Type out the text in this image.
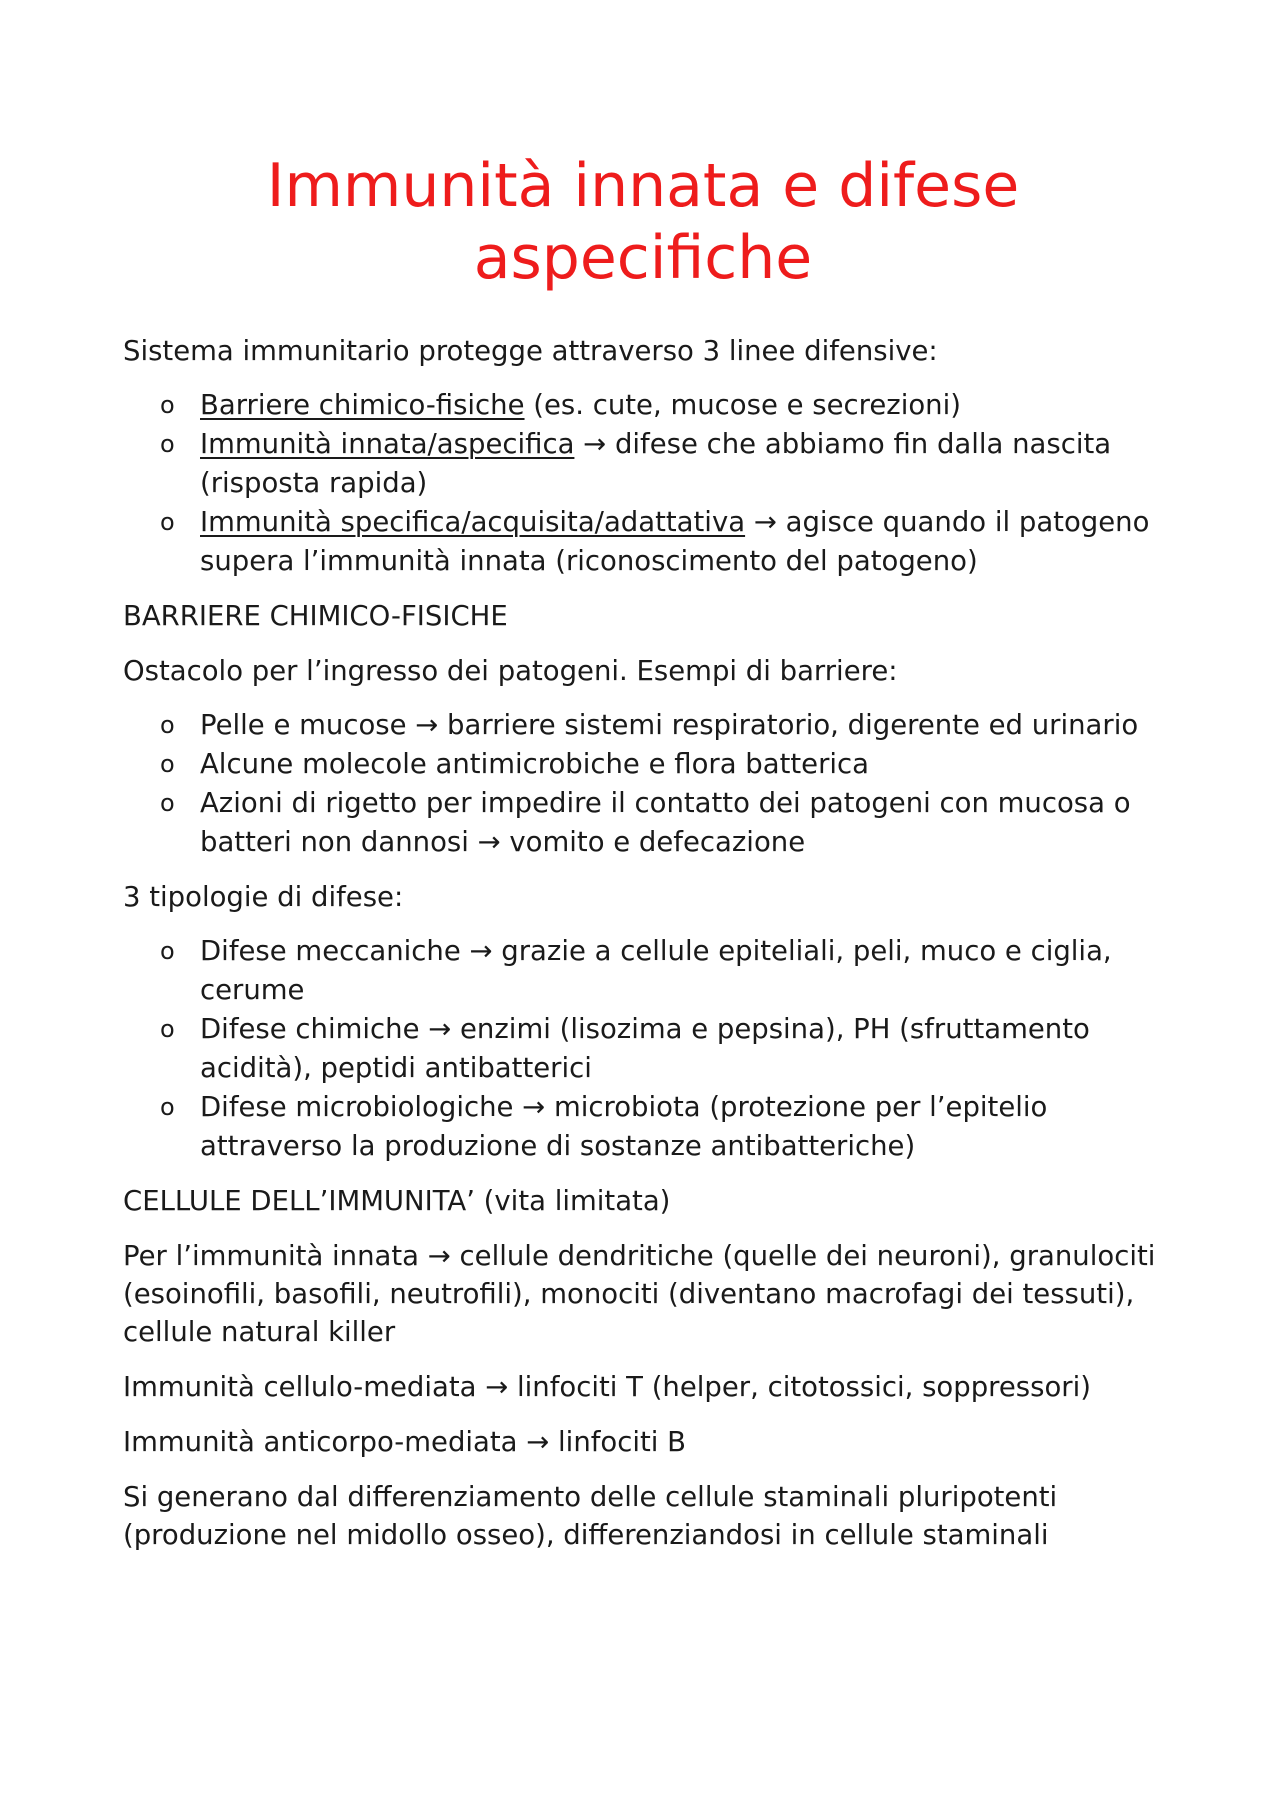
Immunità innata e difese
aspecifiche

Sistema immunitario protegge attraverso 3 linee difensive:

o Barriere chimico-fisiche (es. cute, mucose e secrezioni)
o Immunità innata/aspecifica → difese che abbiamo fin dalla nascita (risposta rapida)
o Immunità specifica/acquisita/adattativa → agisce quando il patogeno supera l’immunità innata (riconoscimento del patogeno)

BARRIERE CHIMICO-FISICHE

Ostacolo per l’ingresso dei patogeni. Esempi di barriere:

o Pelle e mucose → barriere sistemi respiratorio, digerente ed urinario
o Alcune molecole antimicrobiche e flora batterica
o Azioni di rigetto per impedire il contatto dei patogeni con mucosa o batteri non dannosi → vomito e defecazione

3 tipologie di difese:

o Difese meccaniche → grazie a cellule epiteliali, peli, muco e ciglia, cerume
o Difese chimiche → enzimi (lisozima e pepsina), PH (sfruttamento acidità), peptidi antibatterici
o Difese microbiologiche → microbiota (protezione per l’epitelio attraverso la produzione di sostanze antibatteriche)

CELLULE DELL’IMMUNITA’ (vita limitata)

Per l’immunità innata → cellule dendritiche (quelle dei neuroni), granulociti (esoinofili, basofili, neutrofili), monociti (diventano macrofagi dei tessuti), cellule natural killer

Immunità cellulo-mediata → linfociti T (helper, citotossici, soppressori)

Immunità anticorpo-mediata → linfociti B

Si generano dal differenziamento delle cellule staminali pluripotenti (produzione nel midollo osseo), differenziandosi in cellule staminali
